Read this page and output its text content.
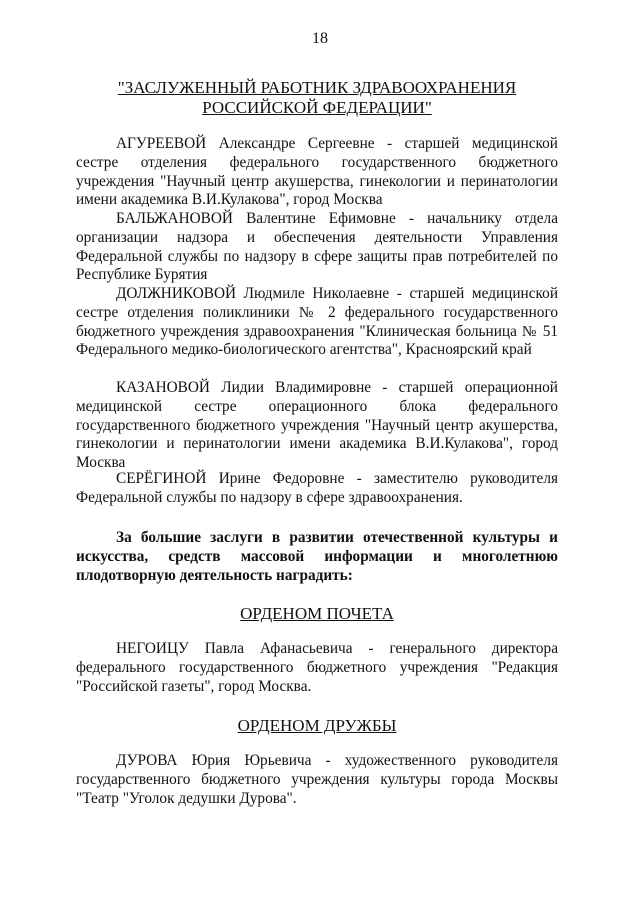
18
"ЗАСЛУЖЕННЫЙ РАБОТНИК ЗДРАВООХРАНЕНИЯ
РОССИЙСКОЙ ФЕДЕРАЦИИ"

АГУРЕЕВОЙ Александре Сергеевне - старшей медицинской сестре отделения федерального государственного бюджетного учреждения "Научный центр акушерства, гинекологии и перинатологии имени академика В.И.Кулакова", город Москва

БАЛЬЖАНОВОЙ Валентине Ефимовне - начальнику отдела организации надзора и обеспечения деятельности Управления Федеральной службы по надзору в сфере защиты прав потребителей по Республике Бурятия

ДОЛЖНИКОВОЙ Людмиле Николаевне - старшей медицинской сестре отделения поликлиники № 2 федерального государственного бюджетного учреждения здравоохранения "Клиническая больница № 51 Федерального медико-биологического агентства", Красноярский край

КАЗАНОВОЙ Лидии Владимировне - старшей операционной медицинской сестре операционного блока федерального государственного бюджетного учреждения "Научный центр акушерства, гинекологии и перинатологии имени академика В.И.Кулакова", город Москва

СЕРЁГИНОЙ Ирине Федоровне - заместителю руководителя Федеральной службы по надзору в сфере здравоохранения.

За большие заслуги в развитии отечественной культуры и искусства, средств массовой информации и многолетнюю плодотворную деятельность наградить:

ОРДЕНОМ ПОЧЕТА

НЕГОИЦУ Павла Афанасьевича - генерального директора федерального государственного бюджетного учреждения "Редакция "Российской газеты", город Москва.

ОРДЕНОМ ДРУЖБЫ

ДУРОВА Юрия Юрьевича - художественного руководителя государственного бюджетного учреждения культуры города Москвы "Театр "Уголок дедушки Дурова".
